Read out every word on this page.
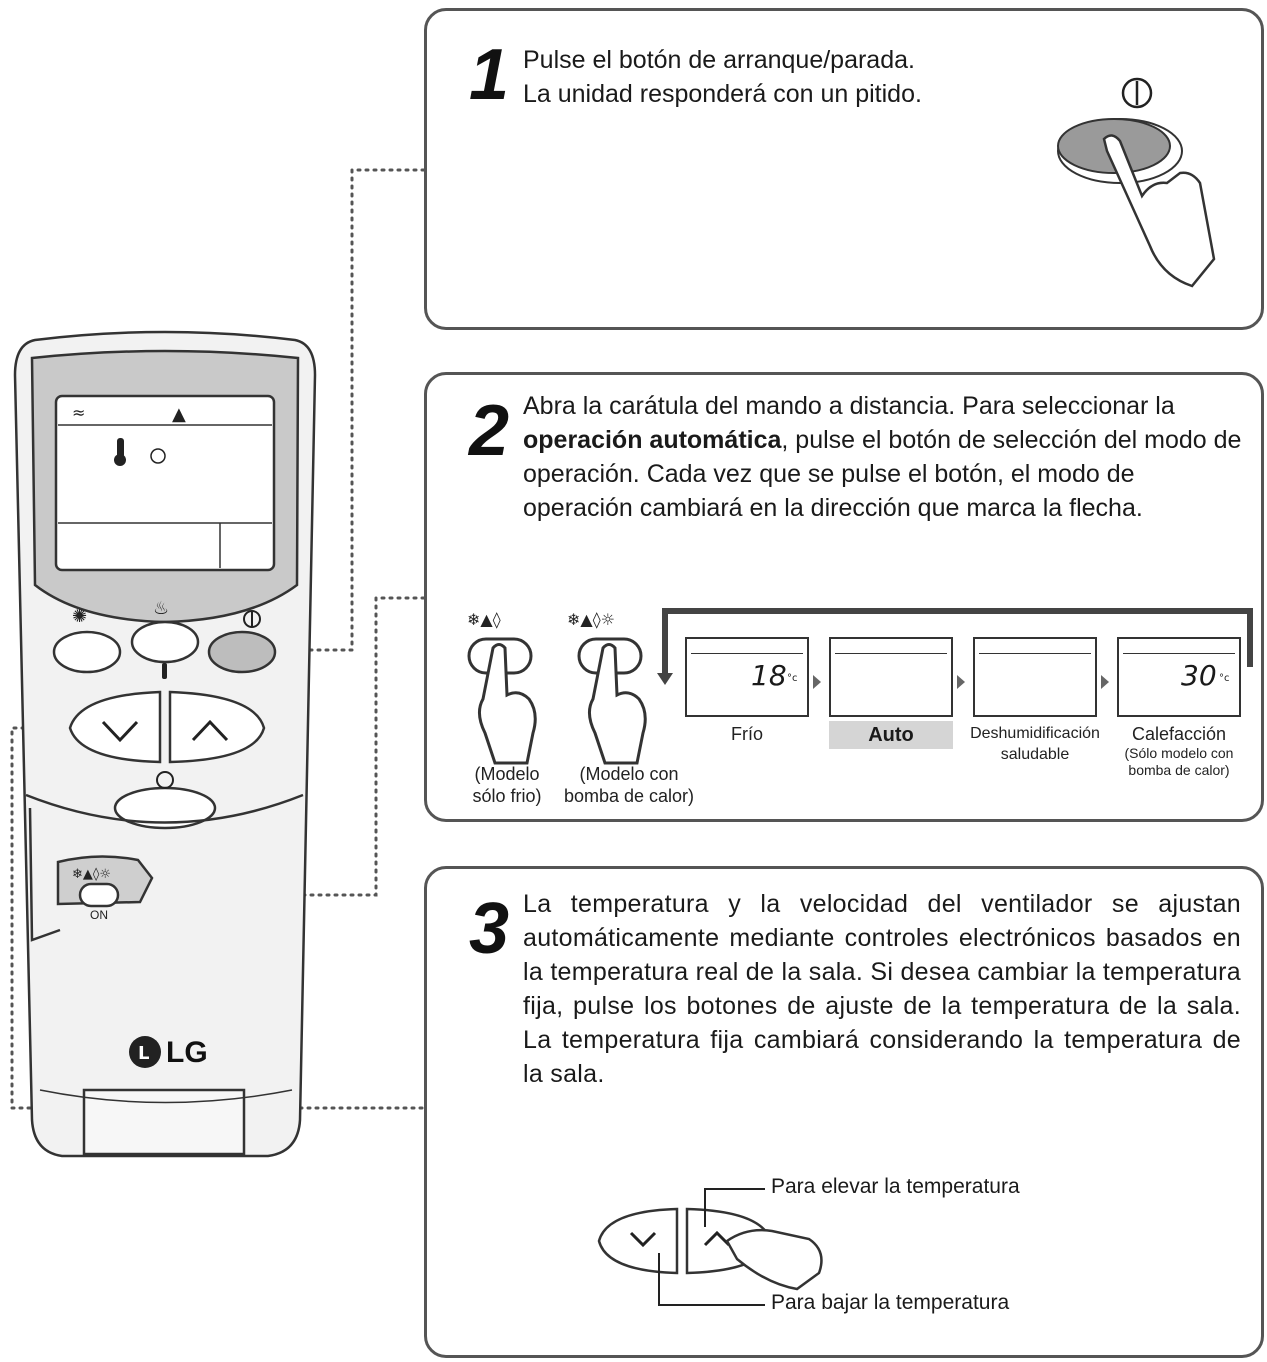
≈	▲
✺	♨
❄▲◊☼
L
ON
LG
1 Pulse el botón de arranque/parada.
La unidad responderá con un pitido.
2 Abra la carátula del mando a distancia. Para seleccionar la operación automática, pulse el botón de selección del modo de operación. Cada vez que se pulse el botón, el modo de operación cambiará en la dirección que marca la flecha.
❄▲◊	❄▲◊☼
(Modelo sólo frio)
(Modelo con bomba de calor)
18 °c	30 °c
Frío	Auto	Deshumidificación saludable
Calefacción
(Sólo modelo con bomba de calor)
3 La temperatura y la velocidad del ventilador se ajustan automáticamente mediante controles electrónicos basados en la temperatura real de la sala. Si desea cambiar la temperatura fija, pulse los botones de ajuste de la temperatura de la sala. La temperatura fija cambiará considerando la temperatura de la sala.
Para elevar la temperatura
Para bajar la temperatura
